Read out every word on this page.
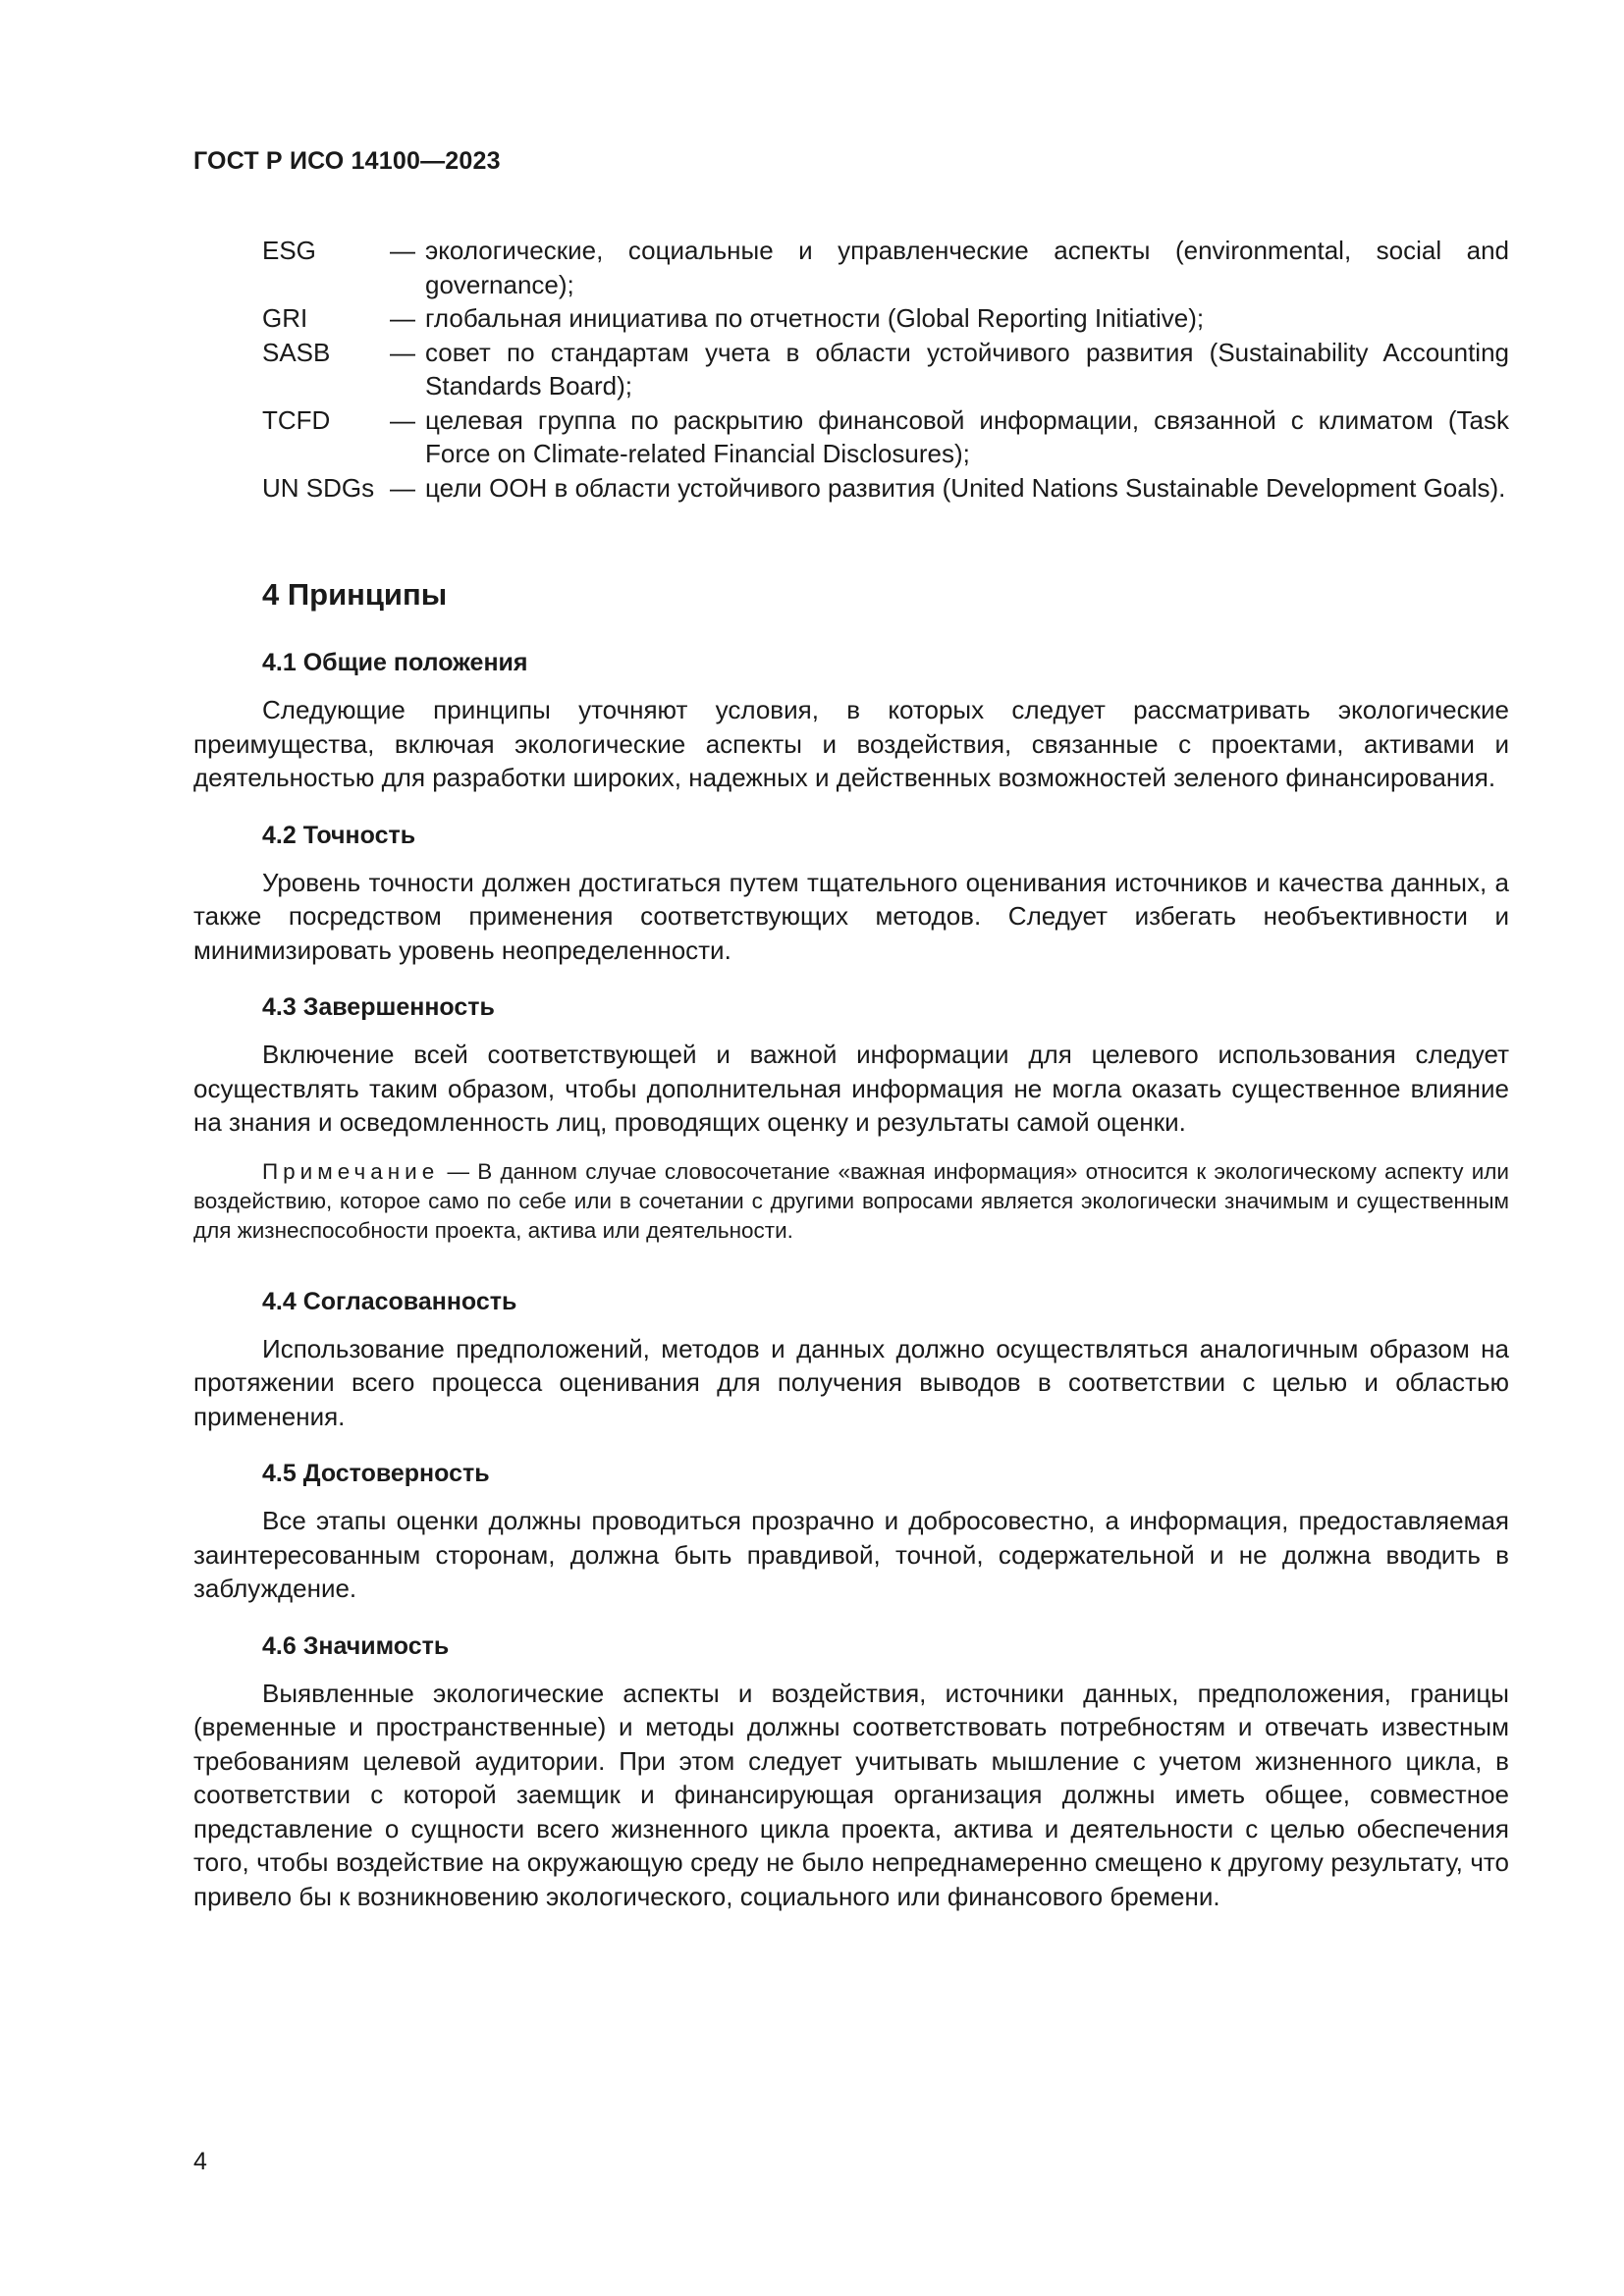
ГОСТ Р ИСО 14100—2023
ESG	— экологические, социальные и управленческие аспекты (environmental, social and governance);
GRI	— глобальная инициатива по отчетности (Global Reporting Initiative);
SASB	— совет по стандартам учета в области устойчивого развития (Sustainability Accounting Standards Board);
TCFD	— целевая группа по раскрытию финансовой информации, связанной с климатом (Task Force on Climate-related Financial Disclosures);
UN SDGs — цели ООН в области устойчивого развития (United Nations Sustainable Development Goals).
4 Принципы
4.1 Общие положения

Следующие принципы уточняют условия, в которых следует рассматривать экологические преимущества, включая экологические аспекты и воздействия, связанные с проектами, активами и деятельностью для разработки широких, надежных и действенных возможностей зеленого финансирования.

4.2 Точность

Уровень точности должен достигаться путем тщательного оценивания источников и качества данных, а также посредством применения соответствующих методов. Следует избегать необъективности и минимизировать уровень неопределенности.

4.3 Завершенность

Включение всей соответствующей и важной информации для целевого использования следует осуществлять таким образом, чтобы дополнительная информация не могла оказать существенное влияние на знания и осведомленность лиц, проводящих оценку и результаты самой оценки.

Примечание — В данном случае словосочетание «важная информация» относится к экологическому аспекту или воздействию, которое само по себе или в сочетании с другими вопросами является экологически значимым и существенным для жизнеспособности проекта, актива или деятельности.

4.4 Согласованность

Использование предположений, методов и данных должно осуществляться аналогичным образом на протяжении всего процесса оценивания для получения выводов в соответствии с целью и областью применения.

4.5 Достоверность

Все этапы оценки должны проводиться прозрачно и добросовестно, а информация, предоставляемая заинтересованным сторонам, должна быть правдивой, точной, содержательной и не должна вводить в заблуждение.

4.6 Значимость

Выявленные экологические аспекты и воздействия, источники данных, предположения, границы (временные и пространственные) и методы должны соответствовать потребностям и отвечать известным требованиям целевой аудитории. При этом следует учитывать мышление с учетом жизненного цикла, в соответствии с которой заемщик и финансирующая организация должны иметь общее, совместное представление о сущности всего жизненного цикла проекта, актива и деятельности с целью обеспечения того, чтобы воздействие на окружающую среду не было непреднамеренно смещено к другому результату, что привело бы к возникновению экологического, социального или финансового бремени.

4
